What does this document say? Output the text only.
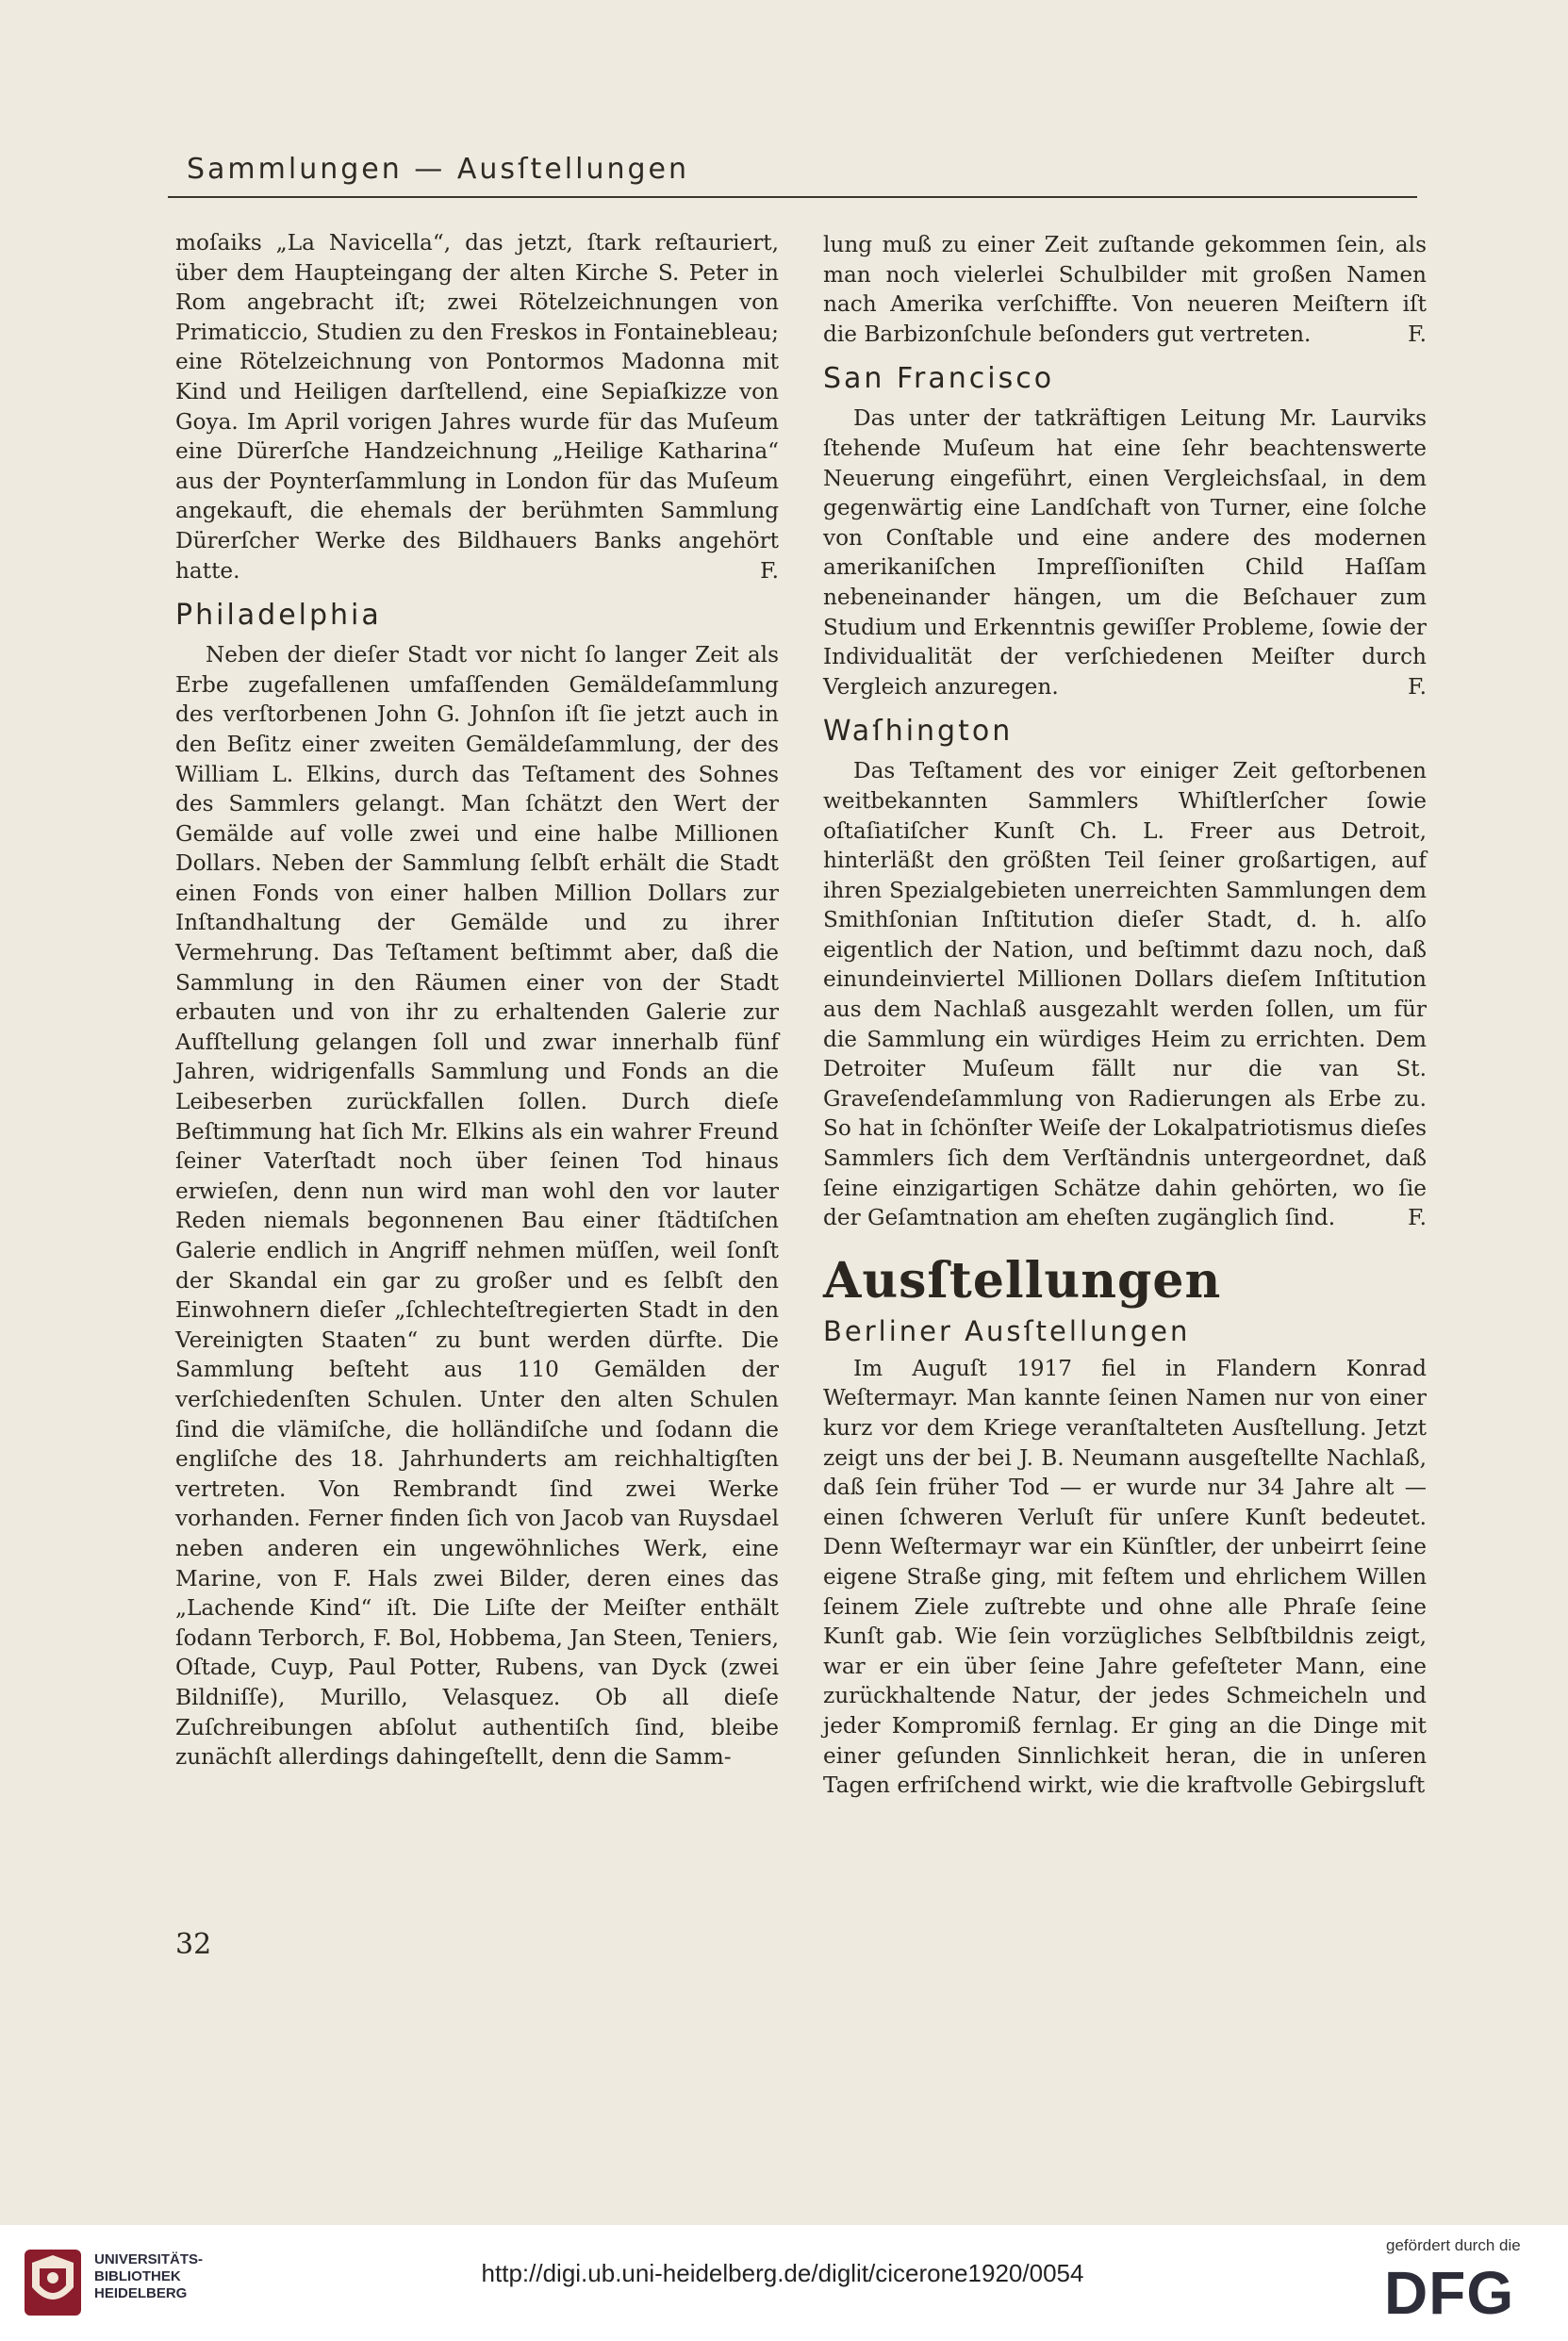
Sammlungen — Ausſtellungen

moſaiks „La Navicella“, das jetzt, ſtark reſtauriert, über dem Haupteingang der alten Kirche S. Peter in Rom angebracht iſt; zwei Rötelzeichnungen von Primaticcio, Studien zu den Freskos in Fontainebleau; eine Rötelzeichnung von Pontormos Madonna mit Kind und Heiligen darſtellend, eine Sepiaſkizze von Goya. Im April vorigen Jahres wurde für das Muſeum eine Dürerſche Handzeichnung „Heilige Katharina“ aus der Poynterſammlung in London für das Muſeum angekauft, die ehemals der berühmten Sammlung Dürerſcher Werke des Bildhauers Banks angehört hatte.	F.

Philadelphia

Neben der dieſer Stadt vor nicht ſo langer Zeit als Erbe zugefallenen umfaſſenden Gemäldeſammlung des verſtorbenen John G. Johnſon iſt ſie jetzt auch in den Beſitz einer zweiten Gemäldeſammlung, der des William L. Elkins, durch das Teſtament des Sohnes des Sammlers gelangt. Man ſchätzt den Wert der Gemälde auf volle zwei und eine halbe Millionen Dollars. Neben der Sammlung ſelbſt erhält die Stadt einen Fonds von einer halben Million Dollars zur Inſtandhaltung der Gemälde und zu ihrer Vermehrung. Das Teſtament beſtimmt aber, daß die Sammlung in den Räumen einer von der Stadt erbauten und von ihr zu erhaltenden Galerie zur Aufſtellung gelangen ſoll und zwar innerhalb fünf Jahren, widrigenfalls Sammlung und Fonds an die Leibeserben zurückfallen ſollen. Durch dieſe Beſtimmung hat ſich Mr. Elkins als ein wahrer Freund ſeiner Vaterſtadt noch über ſeinen Tod hinaus erwieſen, denn nun wird man wohl den vor lauter Reden niemals begonnenen Bau einer ſtädtiſchen Galerie endlich in Angriff nehmen müſſen, weil ſonſt der Skandal ein gar zu großer und es ſelbſt den Einwohnern dieſer „ſchlechteſtregierten Stadt in den Vereinigten Staaten“ zu bunt werden dürfte. Die Sammlung beſteht aus 110 Gemälden der verſchiedenſten Schulen. Unter den alten Schulen ſind die vlämiſche, die holländiſche und ſodann die engliſche des 18. Jahrhunderts am reichhaltigſten vertreten. Von Rembrandt ſind zwei Werke vorhanden. Ferner finden ſich von Jacob van Ruysdael neben anderen ein ungewöhnliches Werk, eine Marine, von F. Hals zwei Bilder, deren eines das „Lachende Kind“ iſt. Die Liſte der Meiſter enthält ſodann Terborch, F. Bol, Hobbema, Jan Steen, Teniers, Oſtade, Cuyp, Paul Potter, Rubens, van Dyck (zwei Bildniſſe), Murillo, Velasquez. Ob all dieſe Zuſchreibungen abſolut authentiſch ſind, bleibe zunächſt allerdings dahingeſtellt, denn die Samm-

lung muß zu einer Zeit zuſtande gekommen ſein, als man noch vielerlei Schulbilder mit großen Namen nach Amerika verſchiffte. Von neueren Meiſtern iſt die Barbizonſchule beſonders gut vertreten.	F.

San Francisco

Das unter der tatkräftigen Leitung Mr. Laurviks ſtehende Muſeum hat eine ſehr beachtenswerte Neuerung eingeführt, einen Vergleichsſaal, in dem gegenwärtig eine Landſchaft von Turner, eine ſolche von Conſtable und eine andere des modernen amerikaniſchen Impreſſioniſten Child Haſſam nebeneinander hängen, um die Beſchauer zum Studium und Erkenntnis gewiſſer Probleme, ſowie der Individualität der verſchiedenen Meiſter durch Vergleich anzuregen.	F.

Waſhington

Das Teſtament des vor einiger Zeit geſtorbenen weitbekannten Sammlers Whiſtlerſcher ſowie oſtaſiatiſcher Kunſt Ch. L. Freer aus Detroit, hinterläßt den größten Teil ſeiner großartigen, auf ihren Spezialgebieten unerreichten Sammlungen dem Smithſonian Inſtitution dieſer Stadt, d. h. alſo eigentlich der Nation, und beſtimmt dazu noch, daß einundeinviertel Millionen Dollars dieſem Inſtitution aus dem Nachlaß ausgezahlt werden ſollen, um für die Sammlung ein würdiges Heim zu errichten. Dem Detroiter Muſeum fällt nur die van St. Graveſendeſammlung von Radierungen als Erbe zu. So hat in ſchönſter Weiſe der Lokalpatriotismus dieſes Sammlers ſich dem Verſtändnis untergeordnet, daß ſeine einzigartigen Schätze dahin gehörten, wo ſie der Geſamtnation am eheſten zugänglich ſind.	F.

Ausſtellungen
Berliner Ausſtellungen

Im Auguſt 1917 fiel in Flandern Konrad Weſtermayr. Man kannte ſeinen Namen nur von einer kurz vor dem Kriege veranſtalteten Ausſtellung. Jetzt zeigt uns der bei J. B. Neumann ausgeſtellte Nachlaß, daß ſein früher Tod — er wurde nur 34 Jahre alt — einen ſchweren Verluſt für unſere Kunſt bedeutet. Denn Weſtermayr war ein Künſtler, der unbeirrt ſeine eigene Straße ging, mit feſtem und ehrlichem Willen ſeinem Ziele zuſtrebte und ohne alle Phraſe ſeine Kunſt gab. Wie ſein vorzügliches Selbſtbildnis zeigt, war er ein über ſeine Jahre gefeſteter Mann, eine zurückhaltende Natur, der jedes Schmeicheln und jeder Kompromiß fernlag. Er ging an die Dinge mit einer geſunden Sinnlichkeit heran, die in unſeren Tagen erfriſchend wirkt, wie die kraftvolle Gebirgsluft

32
UNIVERSITÄTS-
BIBLIOTHEK
HEIDELBERG
http://digi.ub.uni-heidelberg.de/diglit/cicerone1920/0054
gefördert durch die
DFG
